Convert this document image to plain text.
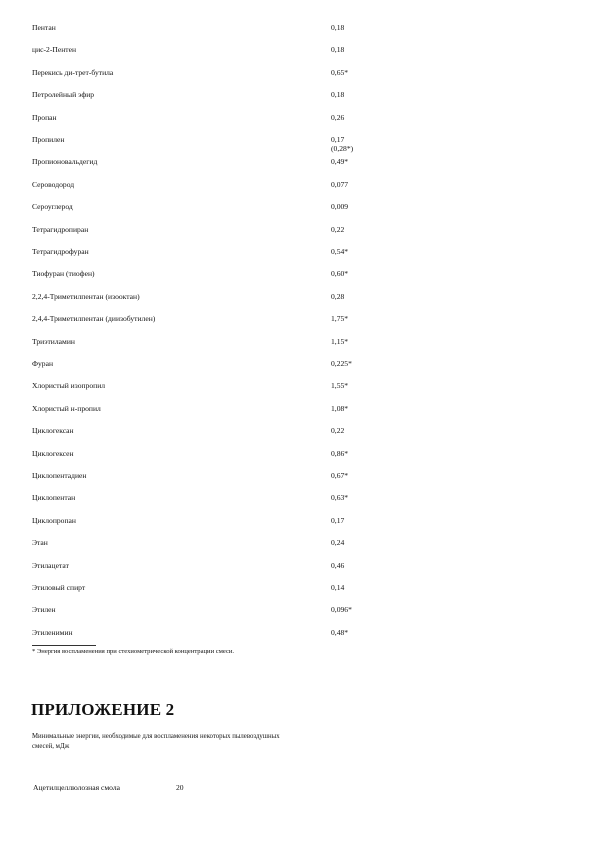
Пентан	0,18
цис-2-Пентен	0,18
Перекись ди-трет-бутила	0,65*
Петролейный эфир	0,18
Пропан	0,26
Пропилен	0,17
(0,28*)
Пропионовальдегид	0,49*
Сероводород	0,077
Сероуглерод	0,009
Тетрагидропиран	0,22
Тетрагидрофуран	0,54*
Тиофуран (тиофен)	0,60*
2,2,4-Триметилпентан (изооктан)	0,28
2,4,4-Триметилпентан (диизобутилен)	1,75*
Триэтиламин	1,15*
Фуран	0,225*
Хлористый изопропил	1,55*
Хлористый н-пропил	1,08*
Циклогексан	0,22
Циклогексен	0,86*
Циклопентадиен	0,67*
Циклопентан	0,63*
Циклопропан	0,17
Этан	0,24
Этилацетат	0,46
Этиловый спирт	0,14
Этилен	0,096*
Этиленимин	0,48*
* Энергия воспламенения при стехиометрической концентрации смеси.
ПРИЛОЖЕНИЕ 2
Минимальные энергии, необходимые для воспламенения некоторых пылевоздушных смесей, мДж
Ацетилцеллюлозная смола	20
